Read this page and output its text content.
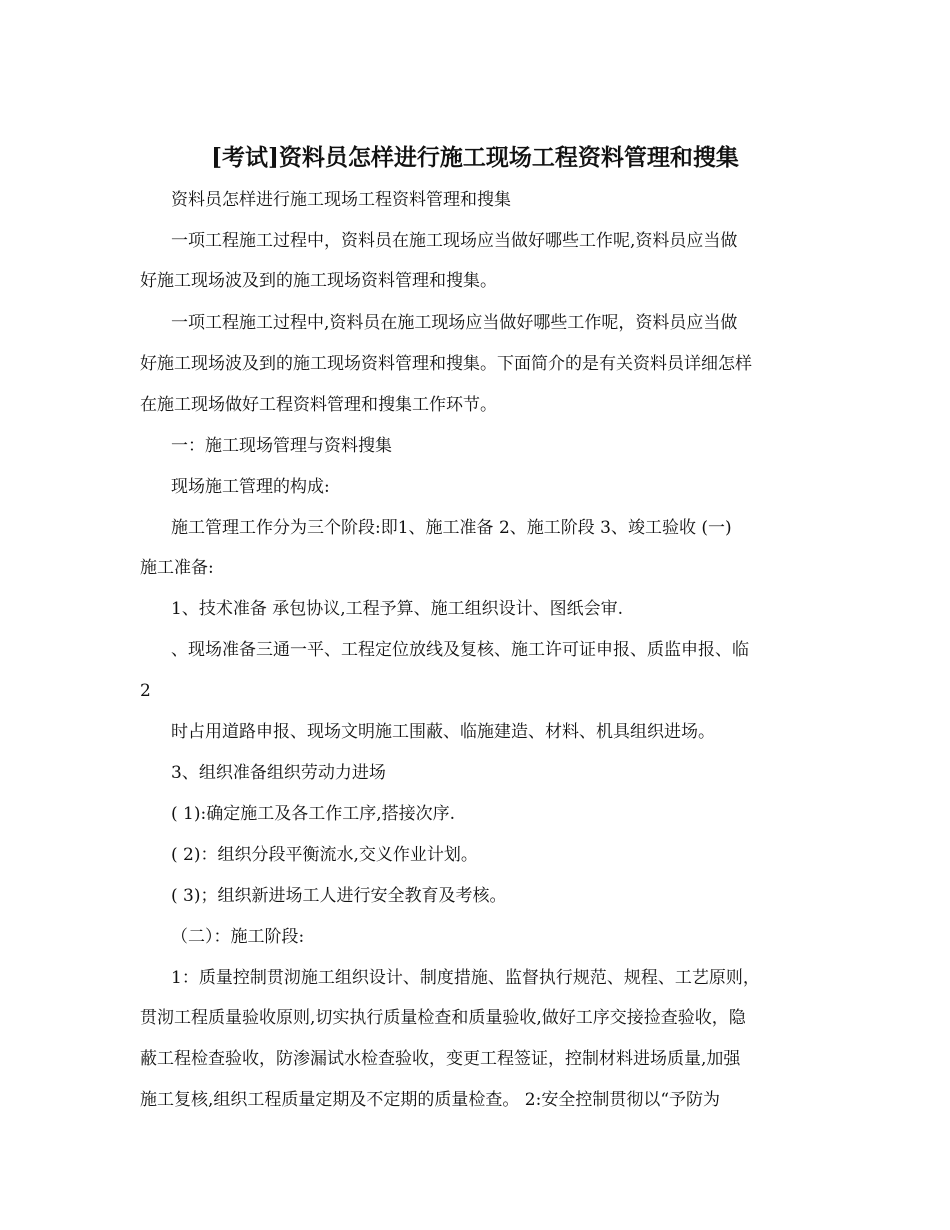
[考试]资料员怎样进行施工现场工程资料管理和搜集

资料员怎样进行施工现场工程资料管理和搜集

一项工程施工过程中，资料员在施工现场应当做好哪些工作呢,资料员应当做

好施工现场波及到的施工现场资料管理和搜集。

一项工程施工过程中,资料员在施工现场应当做好哪些工作呢，资料员应当做

好施工现场波及到的施工现场资料管理和搜集。下面简介的是有关资料员详细怎样

在施工现场做好工程资料管理和搜集工作环节。

一：施工现场管理与资料搜集

现场施工管理的构成:

施工管理工作分为三个阶段:即1、施工准备 2、施工阶段 3、竣工验收 (一)

施工准备:

1、技术准备 承包协议,工程予算、施工组织设计、图纸会审.

、现场准备三通一平、工程定位放线及复核、施工许可证申报、质监申报、临

2

时占用道路申报、现场文明施工围蔽、临施建造、材料、机具组织进场。

3、组织准备组织劳动力进场

( 1):确定施工及各工作工序,搭接次序.

( 2)：组织分段平衡流水,交义作业计划。

( 3)；组织新进场工人进行安全教育及考核。

（二）：施工阶段:

1：质量控制贯沏施工组织设计、制度措施、监督执行规范、规程、工艺原则，

贯沏工程质量验收原则,切实执行质量检查和质量验收,做好工序交接捡查验收，隐

蔽工程检查验收，防渗漏试水检查验收，变更工程签证，控制材料进场质量,加强

施工复核,组织工程质量定期及不定期的质量检查。 2:安全控制贯彻以“予防为
